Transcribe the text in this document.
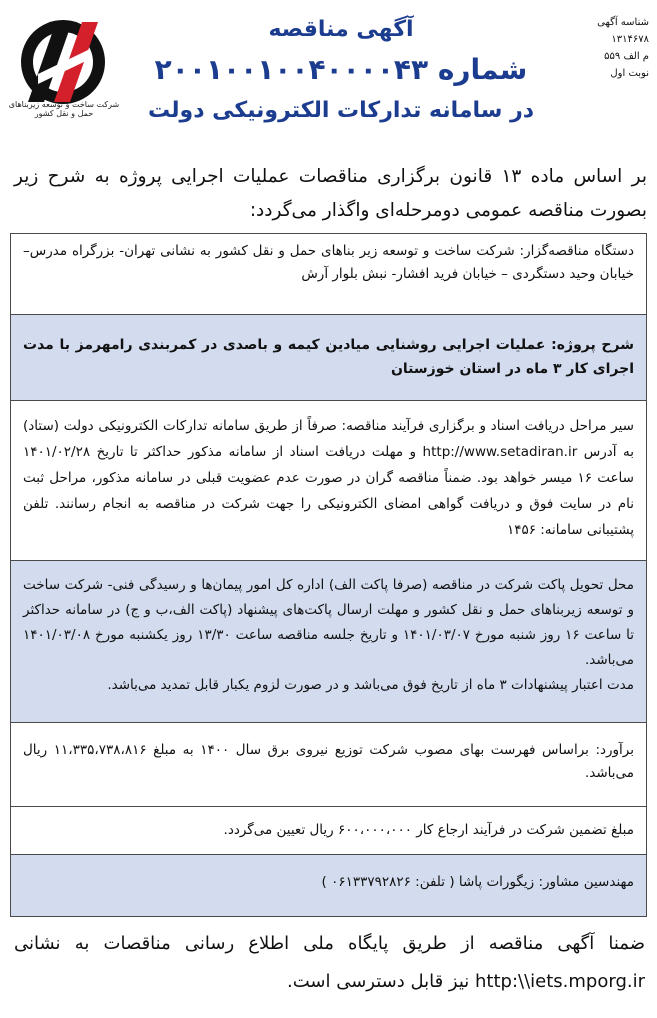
شرکت ساخت و توسعه زیربناهای حمل و نقل کشور
شناسه آگهی ۱۳۱۴۶۷۸
م الف ۵۵۹
نوبت اول
آگهی مناقصه
شماره ۲۰۰۱۰۰۱۰۰۴۰۰۰۰۴۳
در سامانه تدارکات الکترونیکی دولت
بر اساس ماده ۱۳ قانون برگزاری مناقصات عملیات اجرایی پروژه به شرح زیر بصورت مناقصه عمومی دومرحله‌ای واگذار می‌گردد:

دستگاه مناقصه‌گزار: شرکت ساخت و توسعه زیر بناهای حمل و نقل کشور به نشانی تهران- بزرگراه مدرس– خیابان وحید دستگردی – خیابان فرید افشار- نبش بلوار آرش

شرح پروژه: عملیات اجرایی روشنایی میادین کیمه و باصدی در کمربندی رامهرمز با مدت اجرای کار ۳ ماه در استان خوزستان

سیر مراحل دریافت اسناد و برگزاری فرآیند مناقصه: صرفاً از طریق سامانه تدارکات الکترونیکی دولت (ستاد) به آدرس http://www.setadiran.ir و مهلت دریافت اسناد از سامانه مذکور حداکثر تا تاریخ ۱۴۰۱/۰۲/۲۸ ساعت ۱۶ میسر خواهد بود. ضمناً مناقصه گران در صورت عدم عضویت قبلی در سامانه مذکور، مراحل ثبت نام در سایت فوق و دریافت گواهی امضای الکترونیکی را جهت شرکت در مناقصه به انجام رسانند. تلفن پشتیبانی سامانه: ۱۴۵۶

محل تحویل پاکت شرکت در مناقصه (صرفا پاکت الف) اداره کل امور پیمان‌ها و رسیدگی فنی- شرکت ساخت و توسعه زیربناهای حمل و نقل کشور و مهلت ارسال پاکت‌های پیشنهاد (پاکت الف،ب و ج) در سامانه حداکثر تا ساعت ۱۶ روز شنبه مورخ ۱۴۰۱/۰۳/۰۷ و تاریخ جلسه مناقصه ساعت ۱۳/۳۰ روز یکشنبه مورخ ۱۴۰۱/۰۳/۰۸ می‌باشد.

مدت اعتبار پیشنهادات ۳ ماه از تاریخ فوق می‌باشد و در صورت لزوم یکبار قابل تمدید می‌باشد.

برآورد: براساس فهرست بهای مصوب شرکت توزیع نیروی برق سال ۱۴۰۰ به مبلغ ۱۱،۳۳۵،۷۳۸،۸۱۶ ریال می‌باشد.

مبلغ تضمین شرکت در فرآیند ارجاع کار ۶۰۰،۰۰۰،۰۰۰ ریال تعیین می‌گردد.

مهندسین مشاور: زیگورات پاشا ( تلفن: ۰۶۱۳۳۷۹۲۸۲۶ )

ضمنا آگهی مناقصه از طریق پایگاه ملی اطلاع رسانی مناقصات به نشانی http:\\iets.mporg.ir نیز قابل دسترسی است.
